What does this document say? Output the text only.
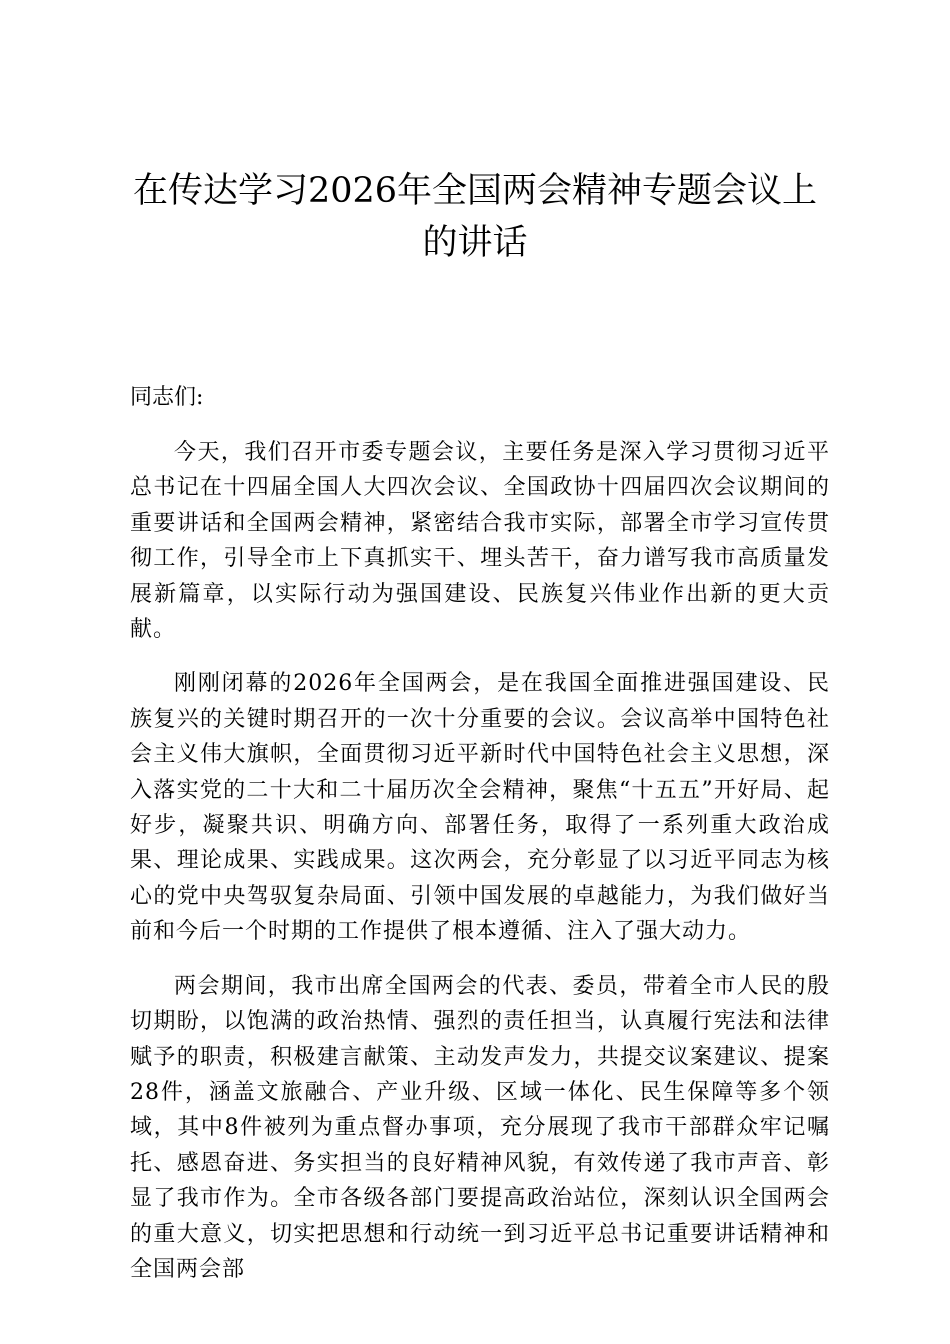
在传达学习2026年全国两会精神专题会议上的讲话

同志们:

今天，我们召开市委专题会议，主要任务是深入学习贯彻习近平总书记在十四届全国人大四次会议、全国政协十四届四次会议期间的重要讲话和全国两会精神，紧密结合我市实际，部署全市学习宣传贯彻工作，引导全市上下真抓实干、埋头苦干，奋力谱写我市高质量发展新篇章，以实际行动为强国建设、民族复兴伟业作出新的更大贡献。

刚刚闭幕的2026年全国两会，是在我国全面推进强国建设、民族复兴的关键时期召开的一次十分重要的会议。会议高举中国特色社会主义伟大旗帜，全面贯彻习近平新时代中国特色社会主义思想，深入落实党的二十大和二十届历次全会精神，聚焦“十五五”开好局、起好步，凝聚共识、明确方向、部署任务，取得了一系列重大政治成果、理论成果、实践成果。这次两会，充分彰显了以习近平同志为核心的党中央驾驭复杂局面、引领中国发展的卓越能力，为我们做好当前和今后一个时期的工作提供了根本遵循、注入了强大动力。

两会期间，我市出席全国两会的代表、委员，带着全市人民的殷切期盼，以饱满的政治热情、强烈的责任担当，认真履行宪法和法律赋予的职责，积极建言献策、主动发声发力，共提交议案建议、提案28件，涵盖文旅融合、产业升级、区域一体化、民生保障等多个领域，其中8件被列为重点督办事项，充分展现了我市干部群众牢记嘱托、感恩奋进、务实担当的良好精神风貌，有效传递了我市声音、彰显了我市作为。全市各级各部门要提高政治站位，深刻认识全国两会的重大意义，切实把思想和行动统一到习近平总书记重要讲话精神和全国两会部
